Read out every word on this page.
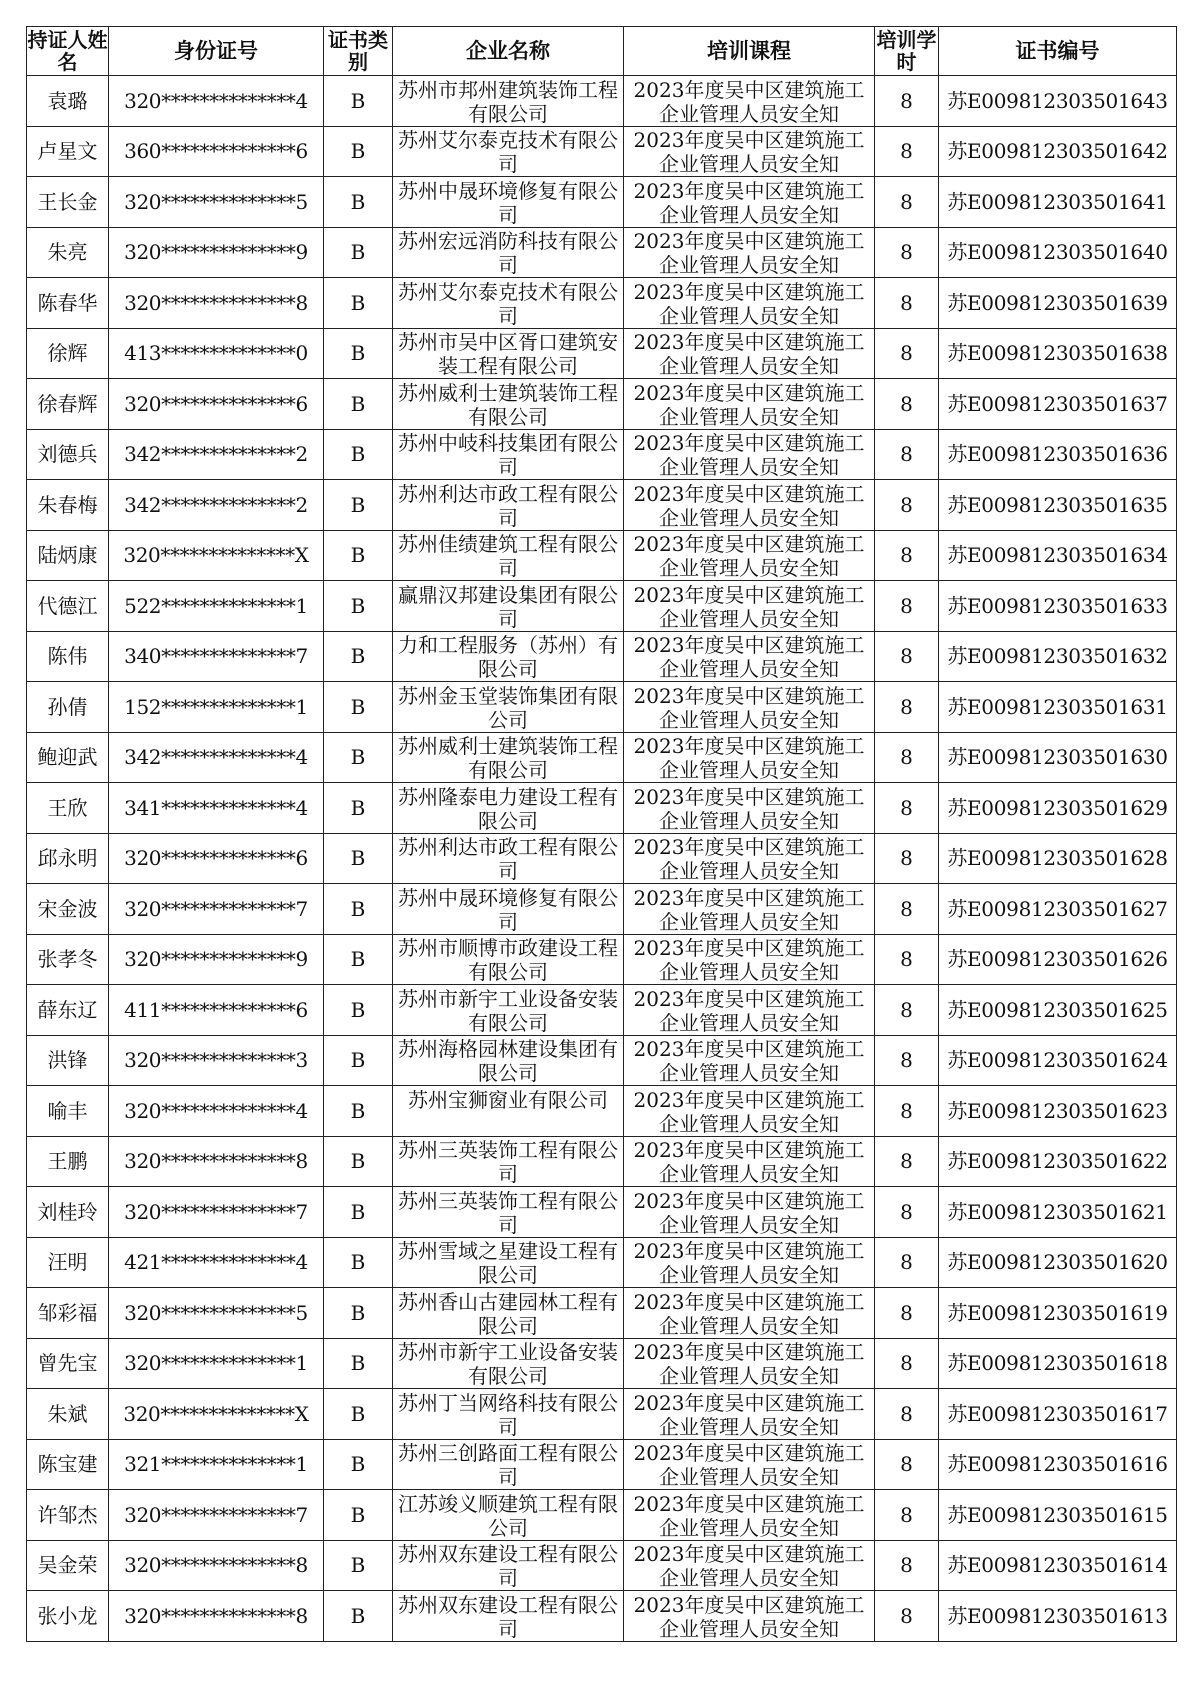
持证人姓名	身份证号	证书类别	企业名称	培训课程	培训学时	证书编号
袁璐	320**************4	B	苏州市邦州建筑装饰工程有限公司	2023年度吴中区建筑施工企业管理人员安全知	8	苏E009812303501643
卢星文	360**************6	B	苏州艾尔泰克技术有限公司	2023年度吴中区建筑施工企业管理人员安全知	8	苏E009812303501642
王长金	320**************5	B	苏州中晟环境修复有限公司	2023年度吴中区建筑施工企业管理人员安全知	8	苏E009812303501641
朱亮	320**************9	B	苏州宏远消防科技有限公司	2023年度吴中区建筑施工企业管理人员安全知	8	苏E009812303501640
陈春华	320**************8	B	苏州艾尔泰克技术有限公司	2023年度吴中区建筑施工企业管理人员安全知	8	苏E009812303501639
徐辉	413**************0	B	苏州市吴中区胥口建筑安装工程有限公司	2023年度吴中区建筑施工企业管理人员安全知	8	苏E009812303501638
徐春辉	320**************6	B	苏州威利士建筑装饰工程有限公司	2023年度吴中区建筑施工企业管理人员安全知	8	苏E009812303501637
刘德兵	342**************2	B	苏州中岐科技集团有限公司	2023年度吴中区建筑施工企业管理人员安全知	8	苏E009812303501636
朱春梅	342**************2	B	苏州利达市政工程有限公司	2023年度吴中区建筑施工企业管理人员安全知	8	苏E009812303501635
陆炳康	320**************X	B	苏州佳绩建筑工程有限公司	2023年度吴中区建筑施工企业管理人员安全知	8	苏E009812303501634
代德江	522**************1	B	赢鼎汉邦建设集团有限公司	2023年度吴中区建筑施工企业管理人员安全知	8	苏E009812303501633
陈伟	340**************7	B	力和工程服务（苏州）有限公司	2023年度吴中区建筑施工企业管理人员安全知	8	苏E009812303501632
孙倩	152**************1	B	苏州金玉堂装饰集团有限公司	2023年度吴中区建筑施工企业管理人员安全知	8	苏E009812303501631
鲍迎武	342**************4	B	苏州威利士建筑装饰工程有限公司	2023年度吴中区建筑施工企业管理人员安全知	8	苏E009812303501630
王欣	341**************4	B	苏州隆泰电力建设工程有限公司	2023年度吴中区建筑施工企业管理人员安全知	8	苏E009812303501629
邱永明	320**************6	B	苏州利达市政工程有限公司	2023年度吴中区建筑施工企业管理人员安全知	8	苏E009812303501628
宋金波	320**************7	B	苏州中晟环境修复有限公司	2023年度吴中区建筑施工企业管理人员安全知	8	苏E009812303501627
张孝冬	320**************9	B	苏州市顺博市政建设工程有限公司	2023年度吴中区建筑施工企业管理人员安全知	8	苏E009812303501626
薛东辽	411**************6	B	苏州市新宇工业设备安装有限公司	2023年度吴中区建筑施工企业管理人员安全知	8	苏E009812303501625
洪锋	320**************3	B	苏州海格园林建设集团有限公司	2023年度吴中区建筑施工企业管理人员安全知	8	苏E009812303501624
喻丰	320**************4	B	苏州宝狮窗业有限公司	2023年度吴中区建筑施工企业管理人员安全知	8	苏E009812303501623
王鹏	320**************8	B	苏州三英装饰工程有限公司	2023年度吴中区建筑施工企业管理人员安全知	8	苏E009812303501622
刘桂玲	320**************7	B	苏州三英装饰工程有限公司	2023年度吴中区建筑施工企业管理人员安全知	8	苏E009812303501621
汪明	421**************4	B	苏州雪域之星建设工程有限公司	2023年度吴中区建筑施工企业管理人员安全知	8	苏E009812303501620
邹彩福	320**************5	B	苏州香山古建园林工程有限公司	2023年度吴中区建筑施工企业管理人员安全知	8	苏E009812303501619
曾先宝	320**************1	B	苏州市新宇工业设备安装有限公司	2023年度吴中区建筑施工企业管理人员安全知	8	苏E009812303501618
朱斌	320**************X	B	苏州丁当网络科技有限公司	2023年度吴中区建筑施工企业管理人员安全知	8	苏E009812303501617
陈宝建	321**************1	B	苏州三创路面工程有限公司	2023年度吴中区建筑施工企业管理人员安全知	8	苏E009812303501616
许邹杰	320**************7	B	江苏竣义顺建筑工程有限公司	2023年度吴中区建筑施工企业管理人员安全知	8	苏E009812303501615
吴金荣	320**************8	B	苏州双东建设工程有限公司	2023年度吴中区建筑施工企业管理人员安全知	8	苏E009812303501614
张小龙	320**************8	B	苏州双东建设工程有限公司	2023年度吴中区建筑施工企业管理人员安全知	8	苏E009812303501613
